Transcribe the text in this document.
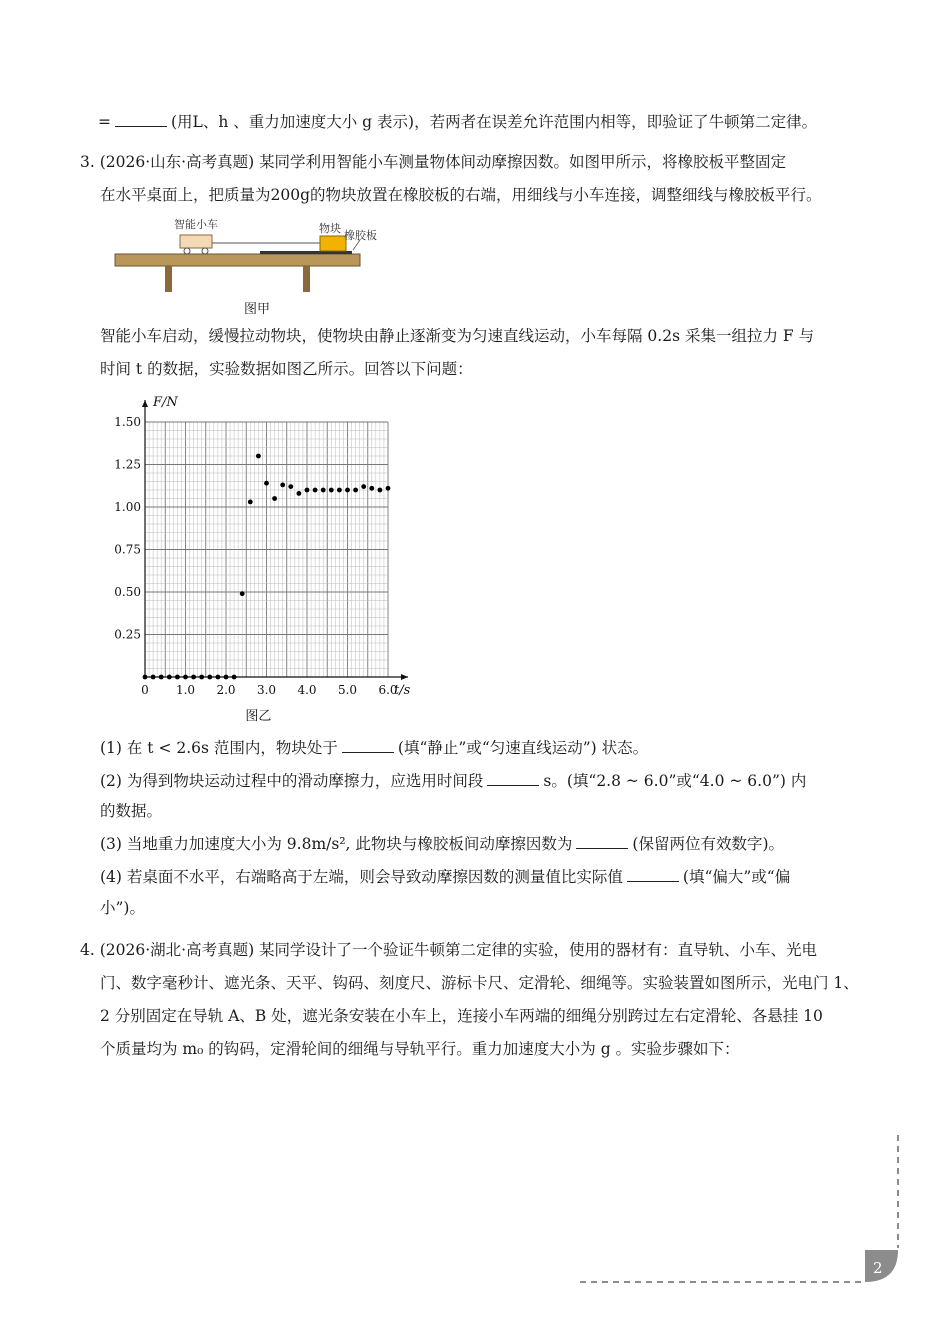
=	(用L、h 、重力加速度大小 g 表示)，若两者在误差允许范围内相等，即验证了牛顿第二定律。
3. (2026·山东·高考真题) 某同学利用智能小车测量物体间动摩擦因数。如图甲所示，将橡胶板平整固定
在水平桌面上，把质量为200g的物块放置在橡胶板的右端，用细线与小车连接，调整细线与橡胶板平行。
智能小车	物块
橡胶板
图甲
智能小车启动，缓慢拉动物块，使物块由静止逐渐变为匀速直线运动，小车每隔 0.2s 采集一组拉力 F 与
时间 t 的数据，实验数据如图乙所示。回答以下问题：
0.25
0.50
0.75
1.00
1.25
1.50
0 1.0 2.0 3.0 4.0 5.0 6.0
F/N
t/s
图乙
(1) 在 t < 2.6s 范围内，物块处于	(填“静止”或“匀速直线运动”) 状态。
(2) 为得到物块运动过程中的滑动摩擦力，应选用时间段	s。(填“2.8 ~ 6.0”或“4.0 ~ 6.0”) 内
的数据。
(3) 当地重力加速度大小为 9.8m/s², 此物块与橡胶板间动摩擦因数为	(保留两位有效数字)。
(4) 若桌面不水平，右端略高于左端，则会导致动摩擦因数的测量值比实际值	(填“偏大”或“偏
小”)。
4. (2026·湖北·高考真题) 某同学设计了一个验证牛顿第二定律的实验，使用的器材有：直导轨、小车、光电
门、数字毫秒计、遮光条、天平、钩码、刻度尺、游标卡尺、定滑轮、细绳等。实验装置如图所示，光电门 1、
2 分别固定在导轨 A、B 处，遮光条安装在小车上，连接小车两端的细绳分别跨过左右定滑轮、各悬挂 10
个质量均为 m₀ 的钩码，定滑轮间的细绳与导轨平行。重力加速度大小为 g 。实验步骤如下：
2
